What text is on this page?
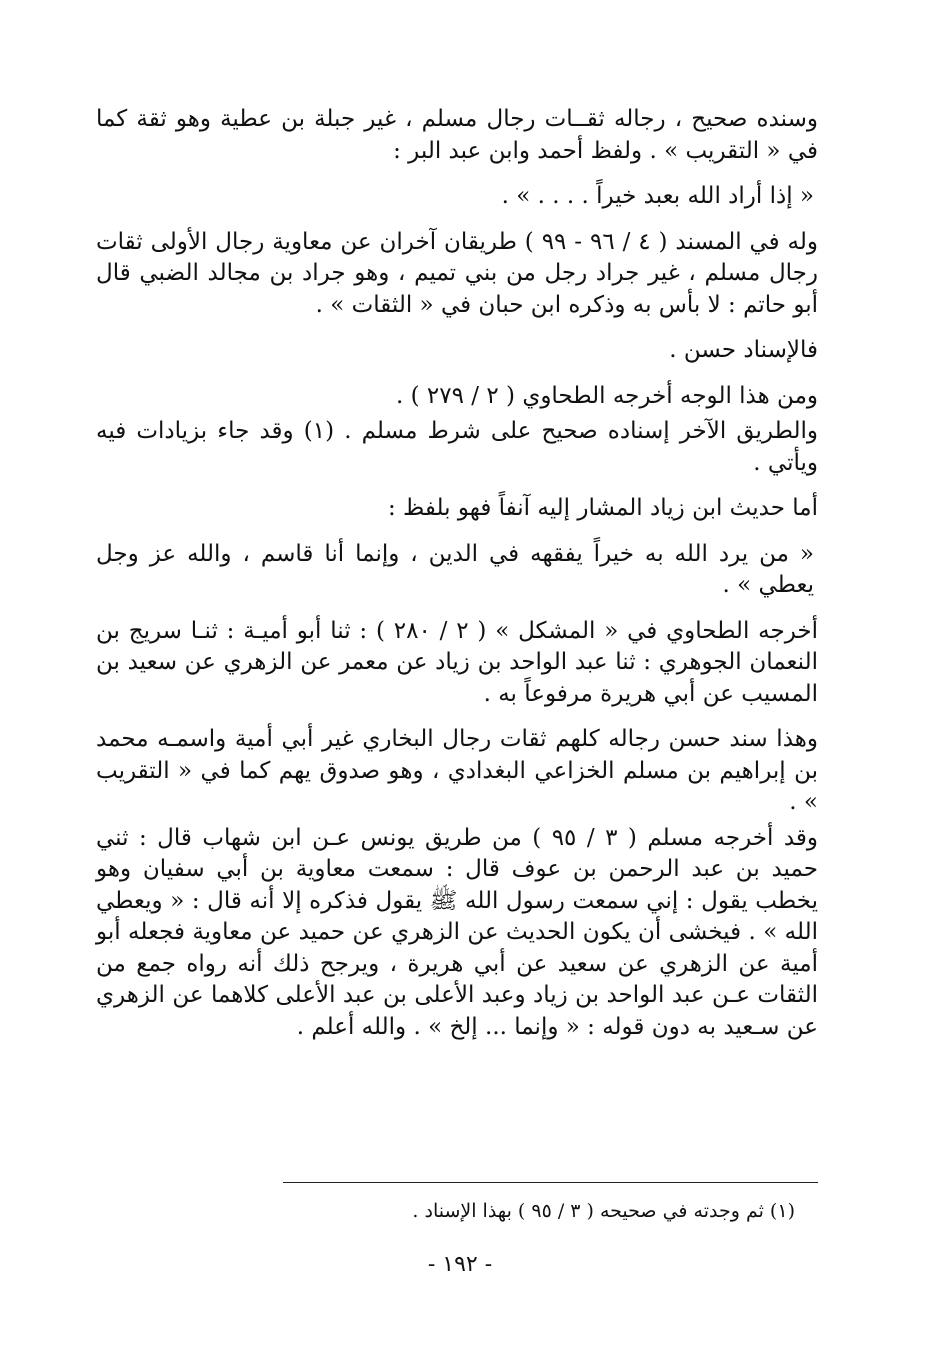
وسنده صحيح ، رجاله ثقــات رجال مسلم ، غير جبلة بن عطية وهو ثقة كما في « التقريب » . ولفظ أحمد وابن عبد البر :

« إذا أراد الله بعبد خيراً . . . . » .

وله في المسند ( ٤ / ٩٦ - ٩٩ ) طريقان آخران عن معاوية رجال الأولى ثقات رجال مسلم ، غير جراد رجل من بني تميم ، وهو جراد بن مجالد الضبي قال أبو حاتم : لا بأس به وذكره ابن حبان في « الثقات » .

فالإسناد حسن .

ومن هذا الوجه أخرجه الطحاوي ( ٢ / ٢٧٩ ) .

والطريق الآخر إسناده صحيح على شرط مسلم . (١) وقد جاء بزيادات فيه ويأتي .

أما حديث ابن زياد المشار إليه آنفاً فهو بلفظ :

« من يرد الله به خيراً يفقهه في الدين ، وإنما أنا قاسم ، والله عز وجل يعطي » .

أخرجه الطحاوي في « المشكل » ( ٢ / ٢٨٠ ) : ثنا أبو أميـة : ثنـا سريج بن النعمان الجوهري : ثنا عبد الواحد بن زياد عن معمر عن الزهري عن سعيد بن المسيب عن أبي هريرة مرفوعاً به .

وهذا سند حسن رجاله كلهم ثقات رجال البخاري غير أبي أمية واسمـه محمد بن إبراهيم بن مسلم الخزاعي البغدادي ، وهو صدوق يهم كما في « التقريب » .

وقد أخرجه مسلم ( ٣ / ٩٥ ) من طريق يونس عـن ابن شهاب قال : ثني حميد بن عبد الرحمن بن عوف قال : سمعت معاوية بن أبي سفيان وهو يخطب يقول : إني سمعت رسول الله ﷺ يقول فذكره إلا أنه قال : « ويعطي الله » . فيخشى أن يكون الحديث عن الزهري عن حميد عن معاوية فجعله أبو أمية عن الزهري عن سعيد عن أبي هريرة ، ويرجح ذلك أنه رواه جمع من الثقات عـن عبد الواحد بن زياد وعبد الأعلى بن عبد الأعلى كلاهما عن الزهري عن سـعيد به دون قوله : « وإنما ... إلخ » . والله أعلم .

(١) ثم وجدته في صحيحه ( ٣ / ٩٥ ) بهذا الإسناد .
- ١٩٢ -
